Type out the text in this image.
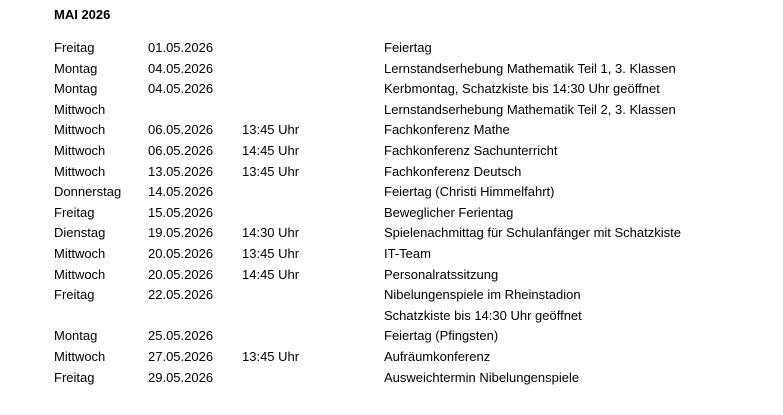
MAI 2026
Freitag	01.05.2026	Feiertag
Montag	04.05.2026	Lernstandserhebung Mathematik Teil 1, 3. Klassen
Montag	04.05.2026	Kerbmontag, Schatzkiste bis 14:30 Uhr geöffnet
Mittwoch	Lernstandserhebung Mathematik Teil 2, 3. Klassen
Mittwoch	06.05.2026 13:45 Uhr	Fachkonferenz Mathe
Mittwoch	06.05.2026 14:45 Uhr	Fachkonferenz Sachunterricht
Mittwoch	13.05.2026 13:45 Uhr	Fachkonferenz Deutsch
Donnerstag 14.05.2026	Feiertag (Christi Himmelfahrt)
Freitag	15.05.2026	Beweglicher Ferientag
Dienstag	19.05.2026 14:30 Uhr	Spielenachmittag für Schulanfänger mit Schatzkiste
Mittwoch	20.05.2026 13:45 Uhr	IT-Team
Mittwoch	20.05.2026 14:45 Uhr	Personalratssitzung
Freitag	22.05.2026	Nibelungenspiele im Rheinstadion
Schatzkiste bis 14:30 Uhr geöffnet
Montag	25.05.2026	Feiertag (Pfingsten)
Mittwoch	27.05.2026 13:45 Uhr	Aufräumkonferenz
Freitag	29.05.2026	Ausweichtermin Nibelungenspiele
